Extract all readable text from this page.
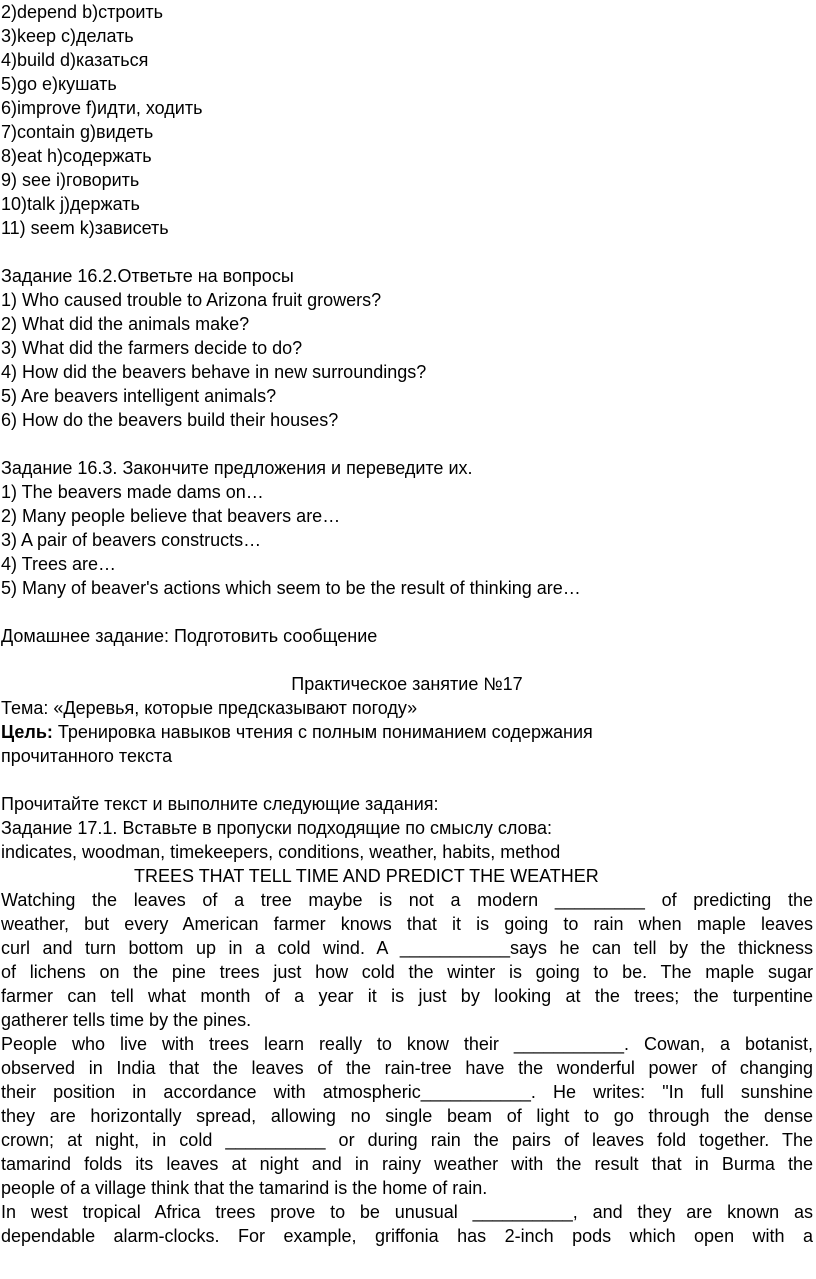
2)depend b)строить
3)keep c)делать
4)build d)казаться
5)go e)кушать
6)improve f)идти, ходить
7)contain g)видеть
8)eat h)содержать
9) see i)говорить
10)talk j)держать
11) seem k)зависеть
Задание 16.2.Ответьте на вопросы
1) Who caused trouble to Arizona fruit growers?
2) What did the animals make?
3) What did the farmers decide to do?
4) How did the beavers behave in new surroundings?
5) Are beavers intelligent animals?
6) How do the beavers build their houses?
Задание 16.3. Закончите предложения и переведите их.
1) The beavers made dams on…
2) Many people believe that beavers are…
3) A pair of beavers constructs…
4) Trees are…
5) Many of beaver's actions which seem to be the result of thinking are…
Домашнее задание: Подготовить сообщение
Практическое занятие №17
Тема: «Деревья, которые предсказывают погоду»
Цель: Тренировка навыков чтения с полным пониманием содержания
прочитанного текста
Прочитайте текст и выполните следующие задания:
Задание 17.1. Вставьте в пропуски подходящие по смыслу слова:
indicates, woodman, timekeepers, conditions, weather, habits, method
TREES THAT TELL TIME AND PREDICT THE WEATHER
Watching the leaves of a tree maybe is not a modern _________ of predicting the
weather, but every American farmer knows that it is going to rain when maple leaves
curl and turn bottom up in a cold wind. A ___________says he can tell by the thickness
of lichens on the pine trees just how cold the winter is going to be. The maple sugar
farmer can tell what month of a year it is just by looking at the trees; the turpentine
gatherer tells time by the pines.
People who live with trees learn really to know their ___________. Cowan, a botanist,
observed in India that the leaves of the rain-tree have the wonderful power of changing
their position in accordance with atmospheric___________. He writes: "In full sunshine
they are horizontally spread, allowing no single beam of light to go through the dense
crown; at night, in cold __________ or during rain the pairs of leaves fold together. The
tamarind folds its leaves at night and in rainy weather with the result that in Burma the
people of a village think that the tamarind is the home of rain.
In west tropical Africa trees prove to be unusual __________, and they are known as
dependable alarm-clocks. For example, griffonia has 2-inch pods which open with a
